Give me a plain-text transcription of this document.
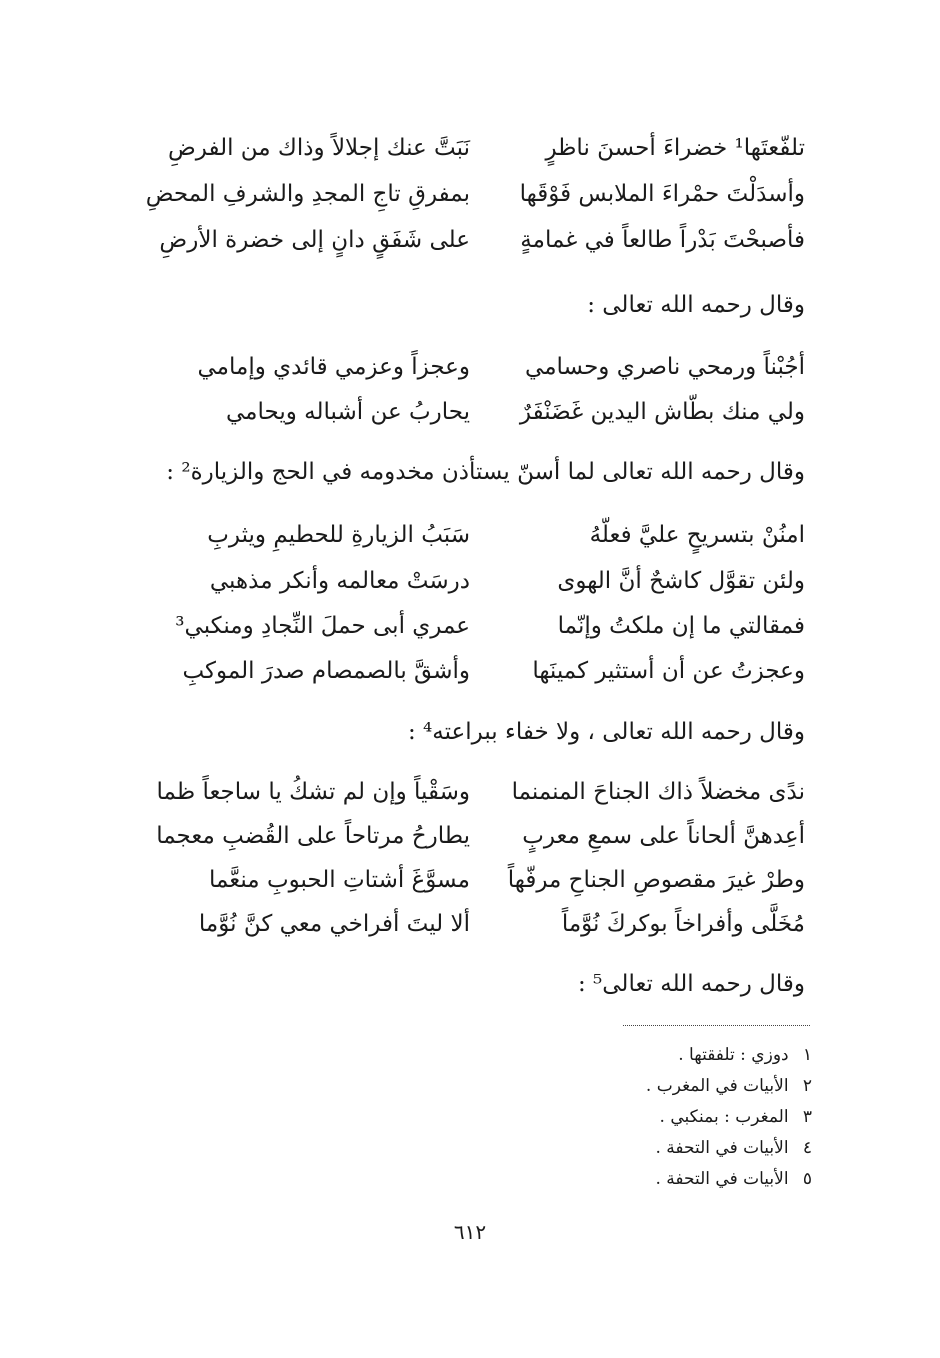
تلفّعتَها¹ خضراءَ أحسنَ ناظرٍ
نَبَتَّ عنك إجلالاً وذاك من الفرضِ
وأسدَلْتَ حمْراءَ الملابس فَوْقَها
بمفرقِ تاجِ المجدِ والشرفِ المحضِ
فأصبحْتَ بَدْراً طالعاً في غمامةٍ
على شَفَقٍ دانٍ إلى خضرة الأرضِ
وقال رحمه الله تعالى :
أجُبْناً ورمحي ناصري وحسامي
وعجزاً وعزمي قائدي وإمامي
ولي منك بطّاش اليدين غَضَنْفَرٌ
يحاربُ عن أشباله ويحامي
وقال رحمه الله تعالى لما أسنّ يستأذن مخدومه في الحج والزيارة² :
امنُنْ بتسريحٍ عليَّ فعلّهُ
سَبَبُ الزيارةِ للحطيمِ ويثربِ
ولئن تقوَّل كاشحٌ أنَّ الهوى
درسَتْ معالمه وأنكر مذهبي
فمقالتي ما إن ملكتُ وإنّما
عمري أبى حملَ النِّجادِ ومنكبي³
وعجزتُ عن أن أستثير كمينَها
وأشقَّ بالصمصام صدرَ الموكبِ
وقال رحمه الله تعالى ، ولا خفاء ببراعته⁴ :
ندًى مخضلاً ذاك الجناحَ المنمنما
وسَقْياً وإن لم تشكُ يا ساجعاً ظما
أعِدهنَّ ألحاناً على سمعِ معربٍ
يطارحُ مرتاحاً على القُضبِ معجما
وطرْ غيرَ مقصوصِ الجناحِ مرفّهاً
مسوَّغَ أشتاتِ الحبوبِ منعَّما
مُخَلَّى وأفراخاً بوكركَ نُوَّماً
ألا ليتَ أفراخي معي كنَّ نُوَّما
وقال رحمه الله تعالى⁵ :
١ دوزي : تلفقتها .
٢ الأبيات في المغرب .
٣ المغرب : بمنكبي .
٤ الأبيات في التحفة .
٥ الأبيات في التحفة .
٦١٢
